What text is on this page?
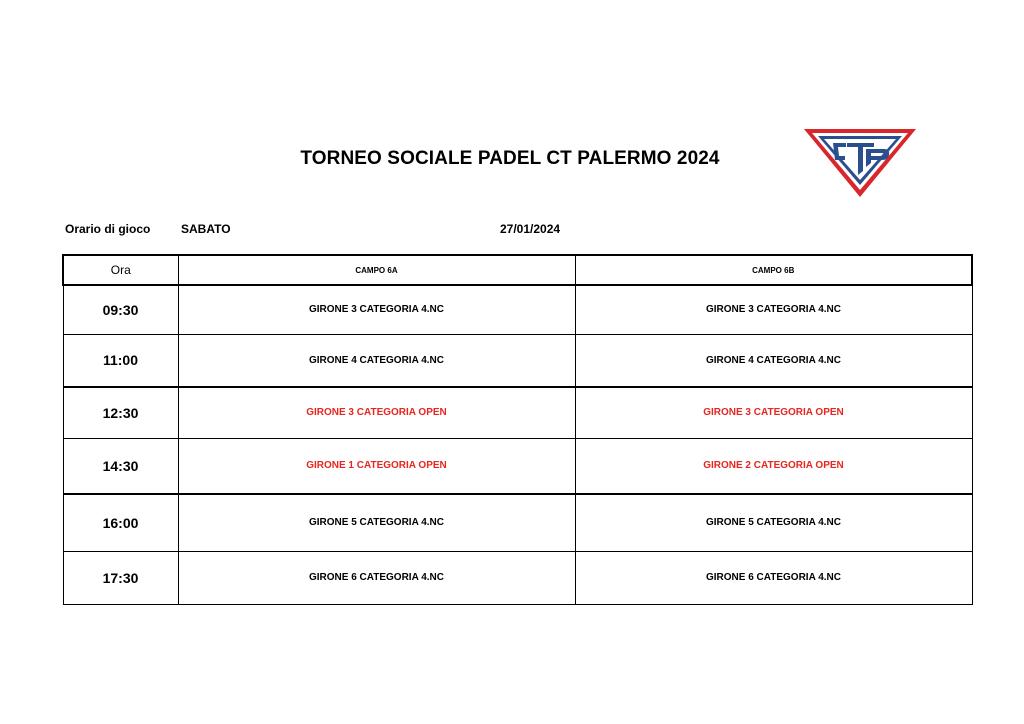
TORNEO SOCIALE PADEL CT PALERMO 2024
Orario di gioco	SABATO	27/01/2024
Ora	CAMPO 6A	CAMPO 6B
09:30	GIRONE 3 CATEGORIA 4.NC	GIRONE 3 CATEGORIA 4.NC
11:00	GIRONE 4 CATEGORIA 4.NC	GIRONE 4 CATEGORIA 4.NC
12:30	GIRONE 3 CATEGORIA OPEN	GIRONE 3 CATEGORIA OPEN
14:30	GIRONE 1 CATEGORIA OPEN	GIRONE 2 CATEGORIA OPEN
16:00	GIRONE 5 CATEGORIA 4.NC	GIRONE 5 CATEGORIA 4.NC
17:30	GIRONE 6 CATEGORIA 4.NC	GIRONE 6 CATEGORIA 4.NC
